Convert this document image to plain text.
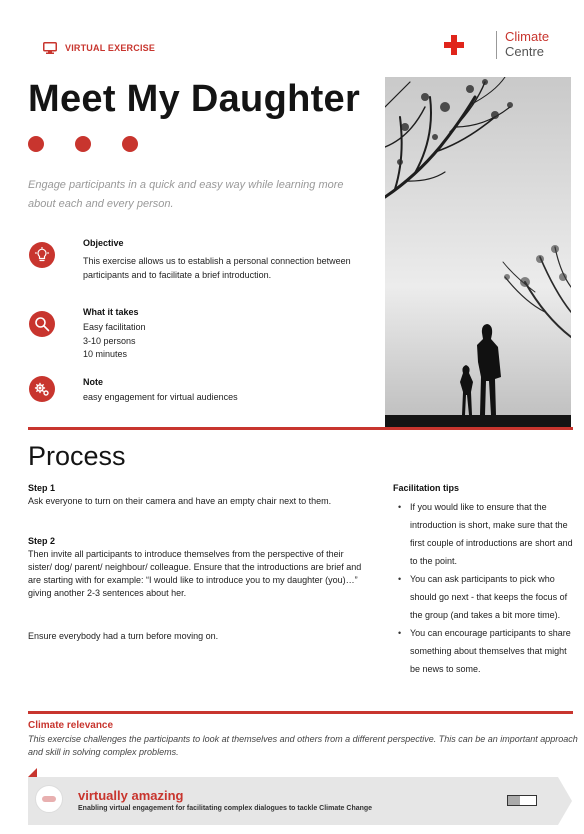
VIRTUAL EXERCISE
Climate
Centre
Meet My Daughter
Engage participants in a quick and easy way while learning more about each and every person.
Objective
This exercise allows us to establish a personal connection between participants and to facilitate a brief introduction.
What it takes
Easy facilitation
3-10 persons
10 minutes
Note
easy engagement for virtual audiences
Process
Step 1
Ask everyone to turn on their camera and have an empty chair next to them.
Step 2
Then invite all participants to introduce themselves from the perspective of their sister/ dog/ parent/ neighbour/ colleague. Ensure that the introductions are brief and are starting with for example: “I would like to introduce you to my daughter (you)…” giving another 2-3 sentences about her.
Ensure everybody had a turn before moving on.
Facilitation tips
• If you would like to ensure that the introduction is short, make sure that the first couple of introductions are short and to the point.
• You can ask participants to pick who should go next - that keeps the focus of the group (and takes a bit more time).
• You can encourage participants to share something about themselves that might be news to some.
Climate relevance
This exercise challenges the participants to look at themselves and others from a different perspective. This can be an important approach and skill in solving complex problems.
virtually amazing
Enabling virtual engagement for facilitating complex dialogues to tackle Climate Change
